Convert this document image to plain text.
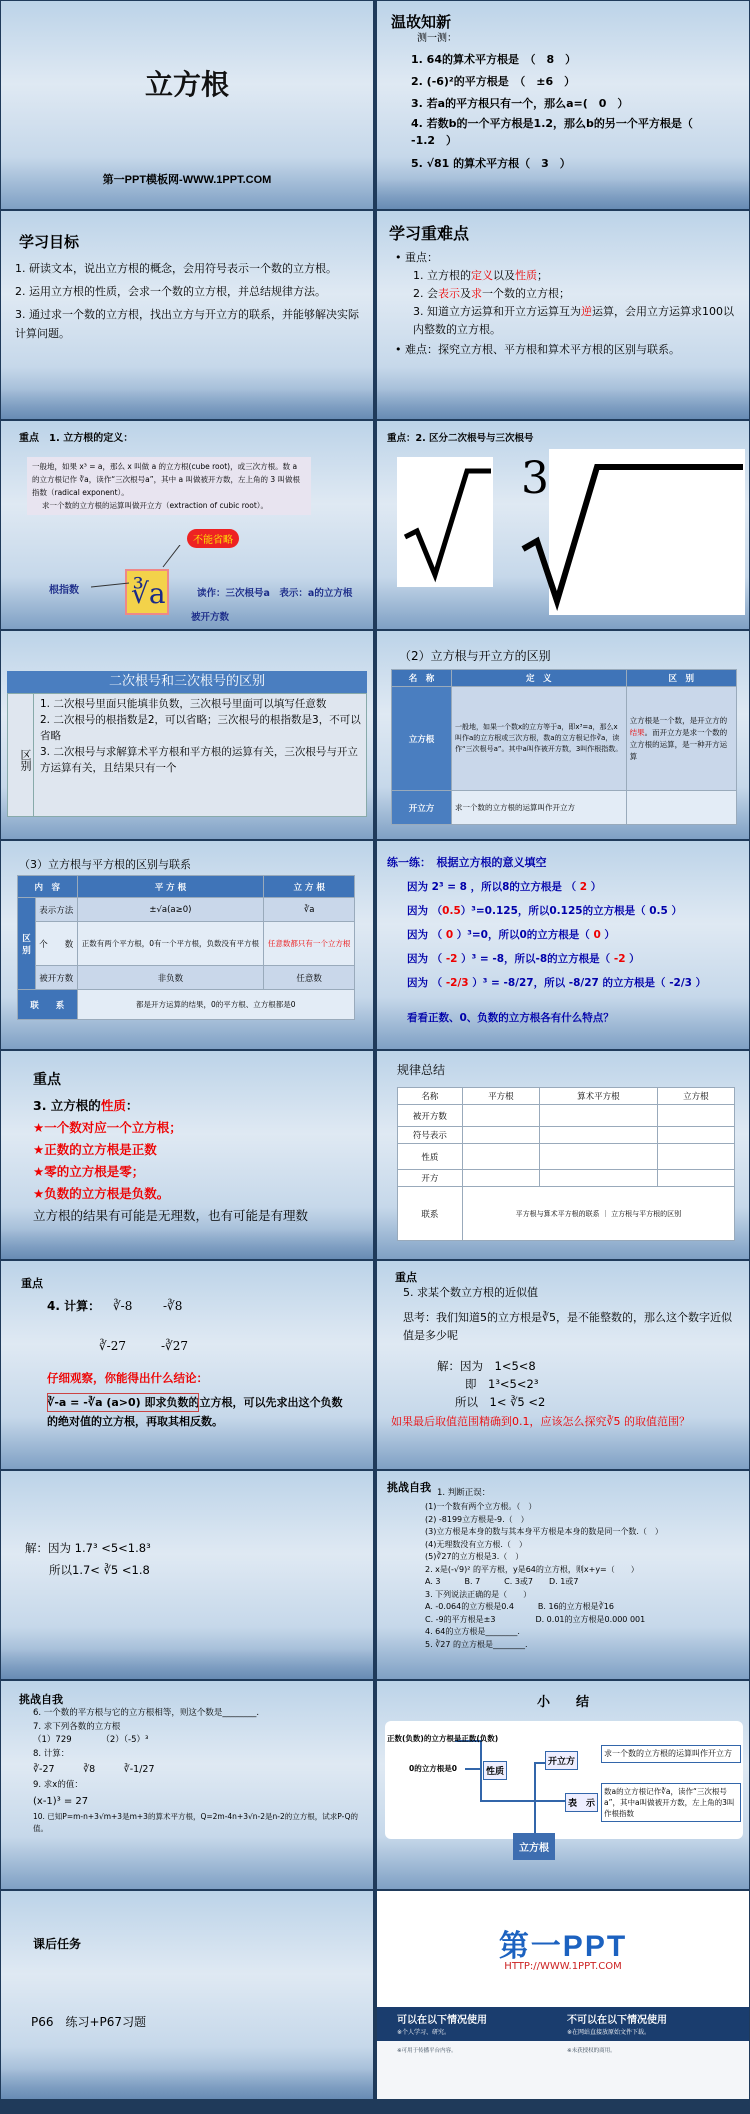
立方根
第一PPT模板网-WWW.1PPT.COM
温故知新
测一测：
1. 64的算术平方根是　（　8　）
2. (-6)²的平方根是　（　±6　）
3. 若a的平方根只有一个，那么a=(　 0　）
4. 若数b的一个平方根是1.2，那么b的另一个平方根是（　-1.2　）
5. √81 的算术平方根（　3　）
学习目标
1. 研读文本，说出立方根的概念，会用符号表示一个数的立方根。
2. 运用立方根的性质，会求一个数的立方根，并总结规律方法。
3. 通过求一个数的立方根，找出立方与开立方的联系，并能够解决实际计算问题。
学习重难点
• 重点：
1. 立方根的定义以及性质；
2. 会表示及求一个数的立方根；
3. 知道立方运算和开立方运算互为逆运算，会用立方运算求100以内整数的立方根。
• 难点：探究立方根、平方根和算术平方根的区别与联系。
重点　1. 立方根的定义：
一般地，如果 x³ = a，那么 x 叫做 a 的立方根(cube root)，或三次方根。数 a 的立方根记作 ∛a，读作“三次根号a”，其中 a 叫做被开方数，左上角的 3 叫做根指数（radical exponent）。
求一个数的立方根的运算叫做开立方（extraction of cubic root）。
不能省略
∛a
根指数	读作：三次根号a　表示：a的立方根
被开方数
重点：2. 区分二次根号与三次根号
3
二次根号和三次根号的区别
区别
1. 二次根号里面只能填非负数，三次根号里面可以填写任意数
2. 二次根号的根指数是2，可以省略；三次根号的根指数是3，不可以省略
3. 二次根号与求解算术平方根和平方根的运算有关，三次根号与开立方运算有关，且结果只有一个
（2）立方根与开立方的区别
名　称	定　义	区　别
立方根	一般地，如果一个数x的立方等于a，即x³=a，那么x叫作a的立方根或三次方根，数a的立方根记作∛a，读作“三次根号a”。其中a叫作被开方数，3叫作根指数。	立方根是一个数，是开立方的结果。而开立方是求一个数的立方根的运算，是一种开方运算
开立方	求一个数的立方根的运算叫作开立方	
（3）立方根与平方根的区别与联系
内　容		平 方 根	立 方 根
区别	表示方法	±√a(a≥0)	∛a
	个　　数	正数有两个平方根，0有一个平方根，负数没有平方根	任意数都只有一个立方根
	被开方数	非负数	任意数
联　　系		都是开方运算的结果，0的平方根、立方根都是0	
练一练：　根据立方根的意义填空
因为 2³ = 8 ，所以8的立方根是 （ 2 ）
因为 （0.5）³=0.125，所以0.125的立方根是（ 0.5 ）
因为 （ 0 ）³=0，所以0的立方根是（ 0 ）
因为 （ -2 ）³ = -8，所以-8的立方根是（ -2 ）
因为 （ -2/3 ）³ = -8/27，所以 -8/27 的立方根是（ -2/3 ）
看看正数、0、负数的立方根各有什么特点？
重点
3. 立方根的性质：
★一个数对应一个立方根；
★正数的立方根是正数
★零的立方根是零；
★负数的立方根是负数。
立方根的结果有可能是无理数，也有可能是有理数
规律总结
名称	平方根	算术平方根	立方根
被开方数			
符号表示			
性质			
开方			
联系	平方根与算术平方根的联系 ｜ 立方根与平方根的区别		
重点
4. 计算： ∛-8	-∛8
∛-27	-∛27
仔细观察，你能得出什么结论：
∛-a = -∛a (a>0) 即求负数的立方根，可以先求出这个负数的绝对值的立方根，再取其相反数。
重点
5. 求某个数立方根的近似值
思考：我们知道5的立方根是∛5，是不能整数的，那么这个数字近似值是多少呢
解：因为　1<5<8
即　1³<5<2³
所以　1< ∛5 <2
如果最后取值范围精确到0.1，应该怎么探究∛5 的取值范围？
解：因为 1.7³ <5<1.8³
所以1.7< ∛5 <1.8
挑战自我 1. 判断正误：
(1)一个数有两个立方根。（　）
(2) -8199立方根是-9.（　）
(3)立方根是本身的数与其本身平方根是本身的数是同一个数.（　）
(4)无理数没有立方根.（　）
(5)∛27的立方根是3.（　）
2. x是(-√9)² 的平方根，y是64的立方根，则x+y=（　　）
A. 3　　　B. 7　　　C. 3或7　　D. 1或7
3. 下列说法正确的是（　　）
A. -0.064的立方根是0.4　　　B. 16的立方根是∛16
C. -9的平方根是±3　　　　　D. 0.01的立方根是0.000 001
4. 64的立方根是________.
5. ∛27 的立方根是________.
挑战自我
6. 一个数的平方根与它的立方根相等，则这个数是________.
7. 求下列各数的立方根
（1）729　　　　（2）（-5）³
8. 计算：
∛-27　　　∛8　　　∛-1/27
9. 求x的值：
(x-1)³ = 27
10. 已知P=m-n+3√m+3是m+3的算术平方根，Q=2m-4n+3√n-2是n-2的立方根，试求P-Q的值。
小　　结
正数(负数)的立方根是正数(负数)
0的立方根是0	性质
开立方
表　示
求一个数的立方根的运算叫作开立方
数a的立方根记作∛a，读作“三次根号a”，其中a叫做被开方数，左上角的3叫作根指数
立方根
课后任务
P66　练习+P67习题
第一PPT
HTTP://WWW.1PPT.COM
可以在以下情况使用	不可以在以下情况使用
※个人学习、研究。	※在网站直接放原始文件下载。
※可用于传播平台内容。	※未获授权的商用。
